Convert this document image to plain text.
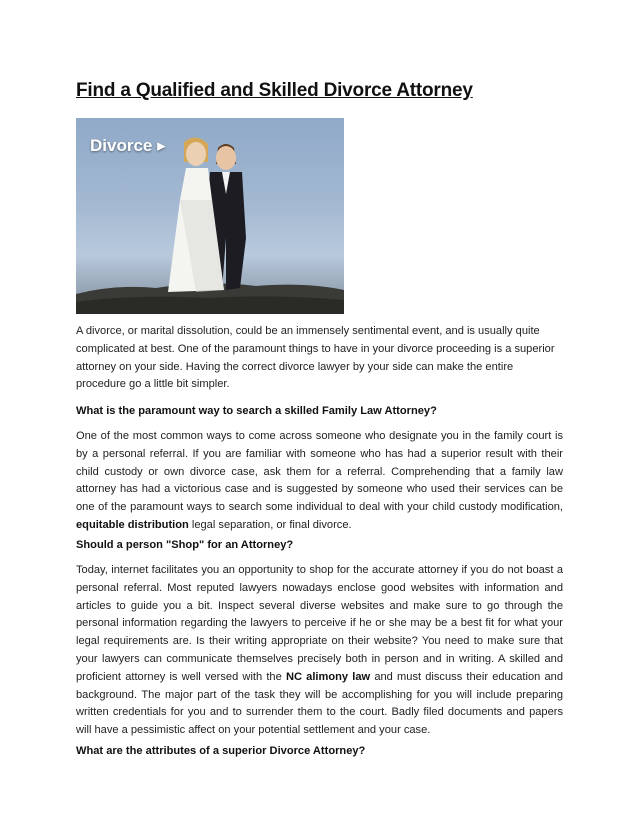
Find a Qualified and Skilled Divorce Attorney
Divorce ▸

A divorce, or marital dissolution, could be an immensely sentimental event, and is usually quite complicated at best. One of the paramount things to have in your divorce proceeding is a superior attorney on your side. Having the correct divorce lawyer by your side can make the entire procedure go a little bit simpler.

What is the paramount way to search a skilled Family Law Attorney?

One of the most common ways to come across someone who designate you in the family court is by a personal referral. If you are familiar with someone who has had a superior result with their child custody or own divorce case, ask them for a referral. Comprehending that a family law attorney has had a victorious case and is suggested by someone who used their services can be one of the paramount ways to search some individual to deal with your child custody modification, equitable distribution legal separation, or final divorce.

Should a person "Shop" for an Attorney?

Today, internet facilitates you an opportunity to shop for the accurate attorney if you do not boast a personal referral. Most reputed lawyers nowadays enclose good websites with information and articles to guide you a bit. Inspect several diverse websites and make sure to go through the personal information regarding the lawyers to perceive if he or she may be a best fit for what your legal requirements are. Is their writing appropriate on their website? You need to make sure that your lawyers can communicate themselves precisely both in person and in writing. A skilled and proficient attorney is well versed with the NC alimony law and must discuss their education and background. The major part of the task they will be accomplishing for you will include preparing written credentials for you and to surrender them to the court. Badly filed documents and papers will have a pessimistic affect on your potential settlement and your case.

What are the attributes of a superior Divorce Attorney?
